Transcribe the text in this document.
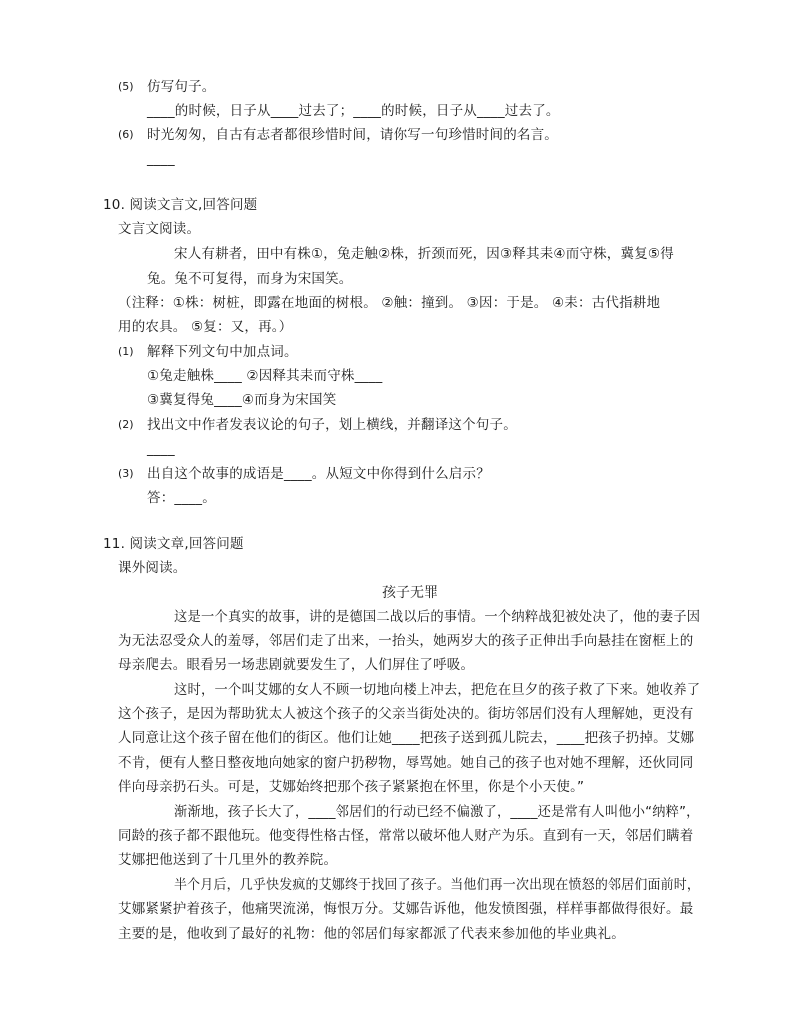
(5) 仿写句子。
____的时候，日子从____过去了；____的时候，日子从____过去了。
(6) 时光匆匆，自古有志者都很珍惜时间，请你写一句珍惜时间的名言。
____
10. 阅读文言文,回答问题
文言文阅读。
宋人有耕者，田中有株①，兔走触②株，折颈而死，因③释其耒④而守株，冀复⑤得
兔。兔不可复得，而身为宋国笑。
（注释：①株：树桩，即露在地面的树根。 ②触：撞到。 ③因：于是。 ④耒：古代指耕地
用的农具。 ⑤复：又，再。）
(1) 解释下列文句中加点词。
①兔走触株____ ②因释其耒而守株____
③冀复得兔____④而身为宋国笑
(2) 找出文中作者发表议论的句子，划上横线，并翻译这个句子。
____
(3) 出自这个故事的成语是____。从短文中你得到什么启示？
答：____。
11. 阅读文章,回答问题
课外阅读。
孩子无罪
这是一个真实的故事，讲的是德国二战以后的事情。一个纳粹战犯被处决了，他的妻子因
为无法忍受众人的羞辱，邻居们走了出来，一抬头，她两岁大的孩子正伸出手向悬挂在窗框上的
母亲爬去。眼看另一场悲剧就要发生了，人们屏住了呼吸。
这时，一个叫艾娜的女人不顾一切地向楼上冲去，把危在旦夕的孩子救了下来。她收养了
这个孩子，是因为帮助犹太人被这个孩子的父亲当街处决的。街坊邻居们没有人理解她，更没有
人同意让这个孩子留在他们的街区。他们让她____把孩子送到孤儿院去，____把孩子扔掉。艾娜
不肯，便有人整日整夜地向她家的窗户扔秽物，辱骂她。她自己的孩子也对她不理解，还伙同同
伴向母亲扔石头。可是，艾娜始终把那个孩子紧紧抱在怀里，你是个小天使。”
渐渐地，孩子长大了，____邻居们的行动已经不偏激了，____还是常有人叫他小“纳粹”，
同龄的孩子都不跟他玩。他变得性格古怪，常常以破坏他人财产为乐。直到有一天，邻居们瞒着
艾娜把他送到了十几里外的教养院。
半个月后，几乎快发疯的艾娜终于找回了孩子。当他们再一次出现在愤怒的邻居们面前时，
艾娜紧紧护着孩子，他痛哭流涕，悔恨万分。艾娜告诉他，他发愤图强，样样事都做得很好。最
主要的是，他收到了最好的礼物：他的邻居们每家都派了代表来参加他的毕业典礼。
